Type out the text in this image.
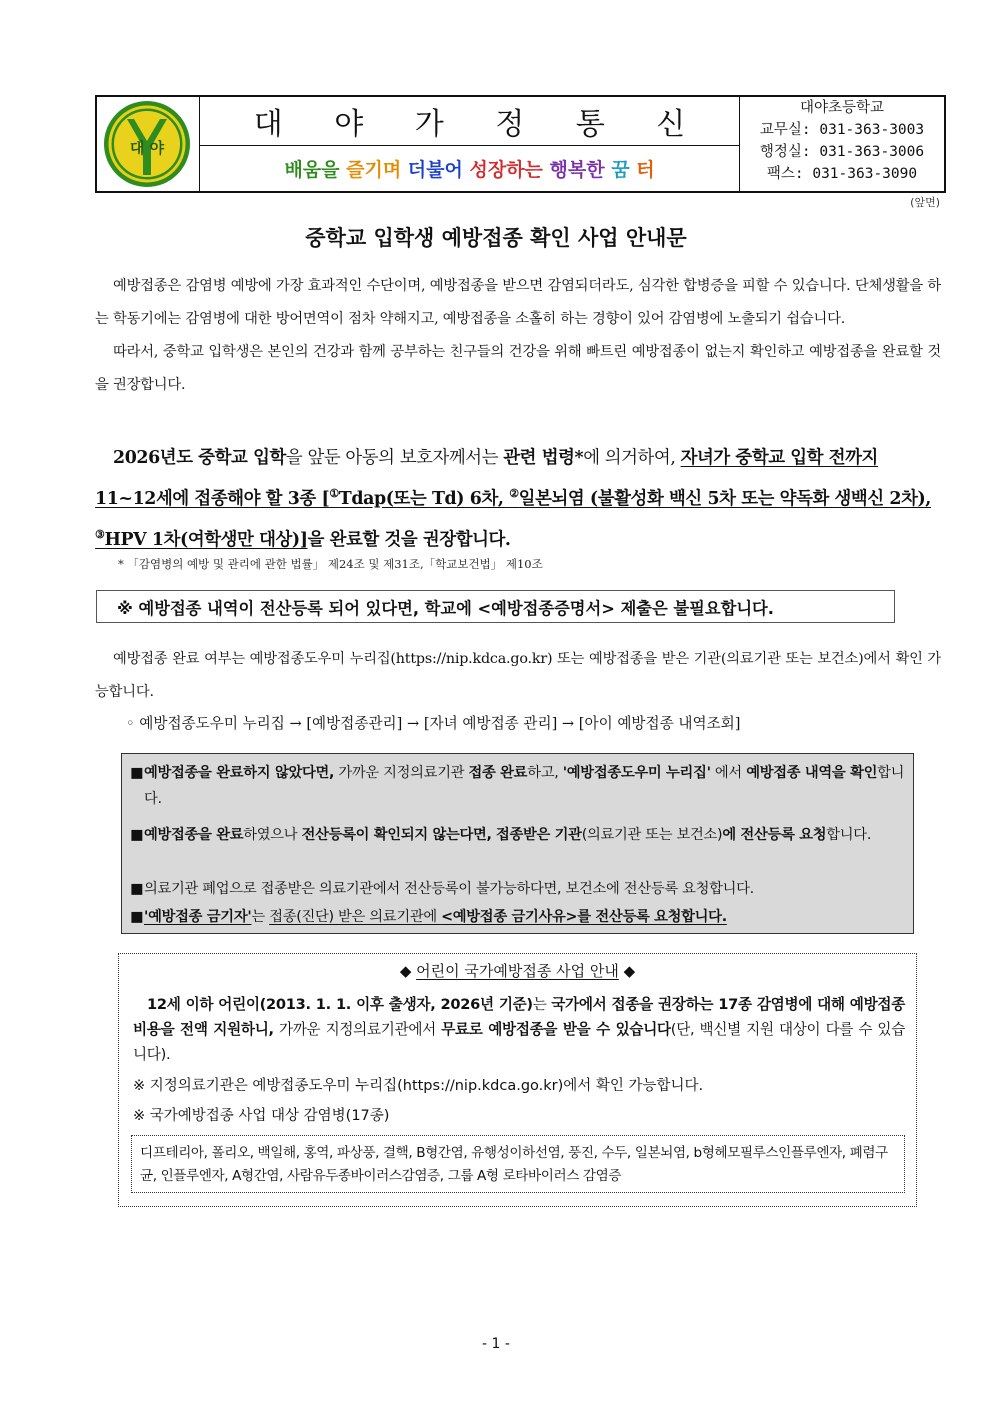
대 야
대 야 가 정 통 신
배움을 즐기며 더불어 성장하는 행복한 꿈 터
대야초등학교
교무실: 031-363-3003
행정실: 031-363-3006
팩스: 031-363-3090
(앞면)
중학교 입학생 예방접종 확인 사업 안내문

예방접종은 감염병 예방에 가장 효과적인 수단이며, 예방접종을 받으면 감염되더라도, 심각한 합병증을 피할 수 있습니다. 단체생활을 하는 학동기에는 감염병에 대한 방어면역이 점차 약해지고, 예방접종을 소홀히 하는 경향이 있어 감염병에 노출되기 쉽습니다.

따라서, 중학교 입학생은 본인의 건강과 함께 공부하는 친구들의 건강을 위해 빠트린 예방접종이 없는지 확인하고 예방접종을 완료할 것을 권장합니다.

2026년도 중학교 입학을 앞둔 아동의 보호자께서는 관련 법령*에 의거하여, 자녀가 중학교 입학 전까지 11~12세에 접종해야 할 3종 [①Tdap(또는 Td) 6차, ②일본뇌염 (불활성화 백신 5차 또는 약독화 생백신 2차), ③HPV 1차(여학생만 대상)]을 완료할 것을 권장합니다.

* 「감염병의 예방 및 관리에 관한 법률」 제24조 및 제31조,「학교보건법」 제10조
※ 예방접종 내역이 전산등록 되어 있다면, 학교에 <예방접종증명서> 제출은 불필요합니다.

예방접종 완료 여부는 예방접종도우미 누리집(https://nip.kdca.go.kr) 또는 예방접종을 받은 기관(의료기관 또는 보건소)에서 확인 가능합니다.

◦ 예방접종도우미 누리집 → [예방접종관리] → [자녀 예방접종 관리] → [아이 예방접종 내역조회]
■ 예방접종을 완료하지 않았다면, 가까운 지정의료기관 접종 완료하고, '예방접종도우미 누리집' 에서 예방접종 내역을 확인합니다.
■ 예방접종을 완료하였으나 전산등록이 확인되지 않는다면, 접종받은 기관(의료기관 또는 보건소)에 전산등록 요청합니다.
■ 의료기관 폐업으로 접종받은 의료기관에서 전산등록이 불가능하다면, 보건소에 전산등록 요청합니다.
■ '예방접종 금기자'는 접종(진단) 받은 의료기관에 <예방접종 금기사유>를 전산등록 요청합니다.
◆ 어린이 국가예방접종 사업 안내 ◆

12세 이하 어린이(2013. 1. 1. 이후 출생자, 2026년 기준)는 국가에서 접종을 권장하는 17종 감염병에 대해 예방접종 비용을 전액 지원하니, 가까운 지정의료기관에서 무료로 예방접종을 받을 수 있습니다(단, 백신별 지원 대상이 다를 수 있습니다).

※ 지정의료기관은 예방접종도우미 누리집(https://nip.kdca.go.kr)에서 확인 가능합니다.
※ 국가예방접종 사업 대상 감염병(17종)
디프테리아, 폴리오, 백일해, 홍역, 파상풍, 결핵, B형간염, 유행성이하선염, 풍진, 수두, 일본뇌염, b형헤모필루스인플루엔자, 폐렴구균, 인플루엔자, A형간염, 사람유두종바이러스감염증, 그룹 A형 로타바이러스 감염증
- 1 -
